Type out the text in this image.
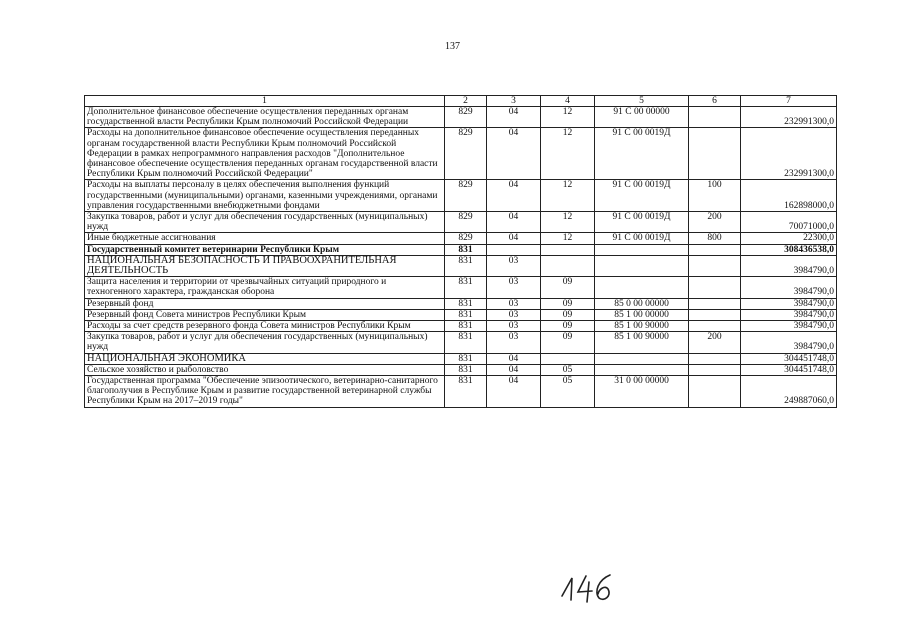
137
1	2	3	4	5	6	7
Дополнительное финансовое обеспечение осуществления переданных органам государственной власти Республики Крым полномочий Российской Федерации	829	04	12	91 С 00 00000		232991300,0
Расходы на дополнительное финансовое обеспечение осуществления переданных органам государственной власти Республики Крым полномочий Российской Федерации в рамках непрограммного направления расходов "Дополнительное финансовое обеспечение осуществления переданных органам государственной власти Республики Крым полномочий Российской Федерации"	829	04	12	91 С 00 0019Д		232991300,0
Расходы на выплаты персоналу в целях обеспечения выполнения функций государственными (муниципальными) органами, казенными учреждениями, органами управления государственными внебюджетными фондами	829	04	12	91 С 00 0019Д	100	162898000,0
Закупка товаров, работ и услуг для обеспечения государственных (муниципальных) нужд	829	04	12	91 С 00 0019Д	200	70071000,0
Иные бюджетные ассигнования	829	04	12	91 С 00 0019Д	800	22300,0
Государственный комитет ветеринарии Республики Крым	831					308436538,0
НАЦИОНАЛЬНАЯ БЕЗОПАСНОСТЬ И ПРАВООХРАНИТЕЛЬНАЯ ДЕЯТЕЛЬНОСТЬ	831	03				3984790,0
Защита населения и территории от чрезвычайных ситуаций природного и техногенного характера, гражданская оборона	831	03	09			3984790,0
Резервный фонд	831	03	09	85 0 00 00000		3984790,0
Резервный фонд Совета министров Республики Крым	831	03	09	85 1 00 00000		3984790,0
Расходы за счет средств резервного фонда Совета министров Республики Крым	831	03	09	85 1 00 90000		3984790,0
Закупка товаров, работ и услуг для обеспечения государственных (муниципальных) нужд	831	03	09	85 1 00 90000	200	3984790,0
НАЦИОНАЛЬНАЯ ЭКОНОМИКА	831	04				304451748,0
Сельское хозяйство и рыболовство	831	04	05			304451748,0
Государственная программа "Обеспечение эпизоотического, ветеринарно-санитарного благополучия в Республике Крым и развитие государственной ветеринарной службы Республики Крым на 2017–2019 годы"	831	04	05	31 0 00 00000		249887060,0
